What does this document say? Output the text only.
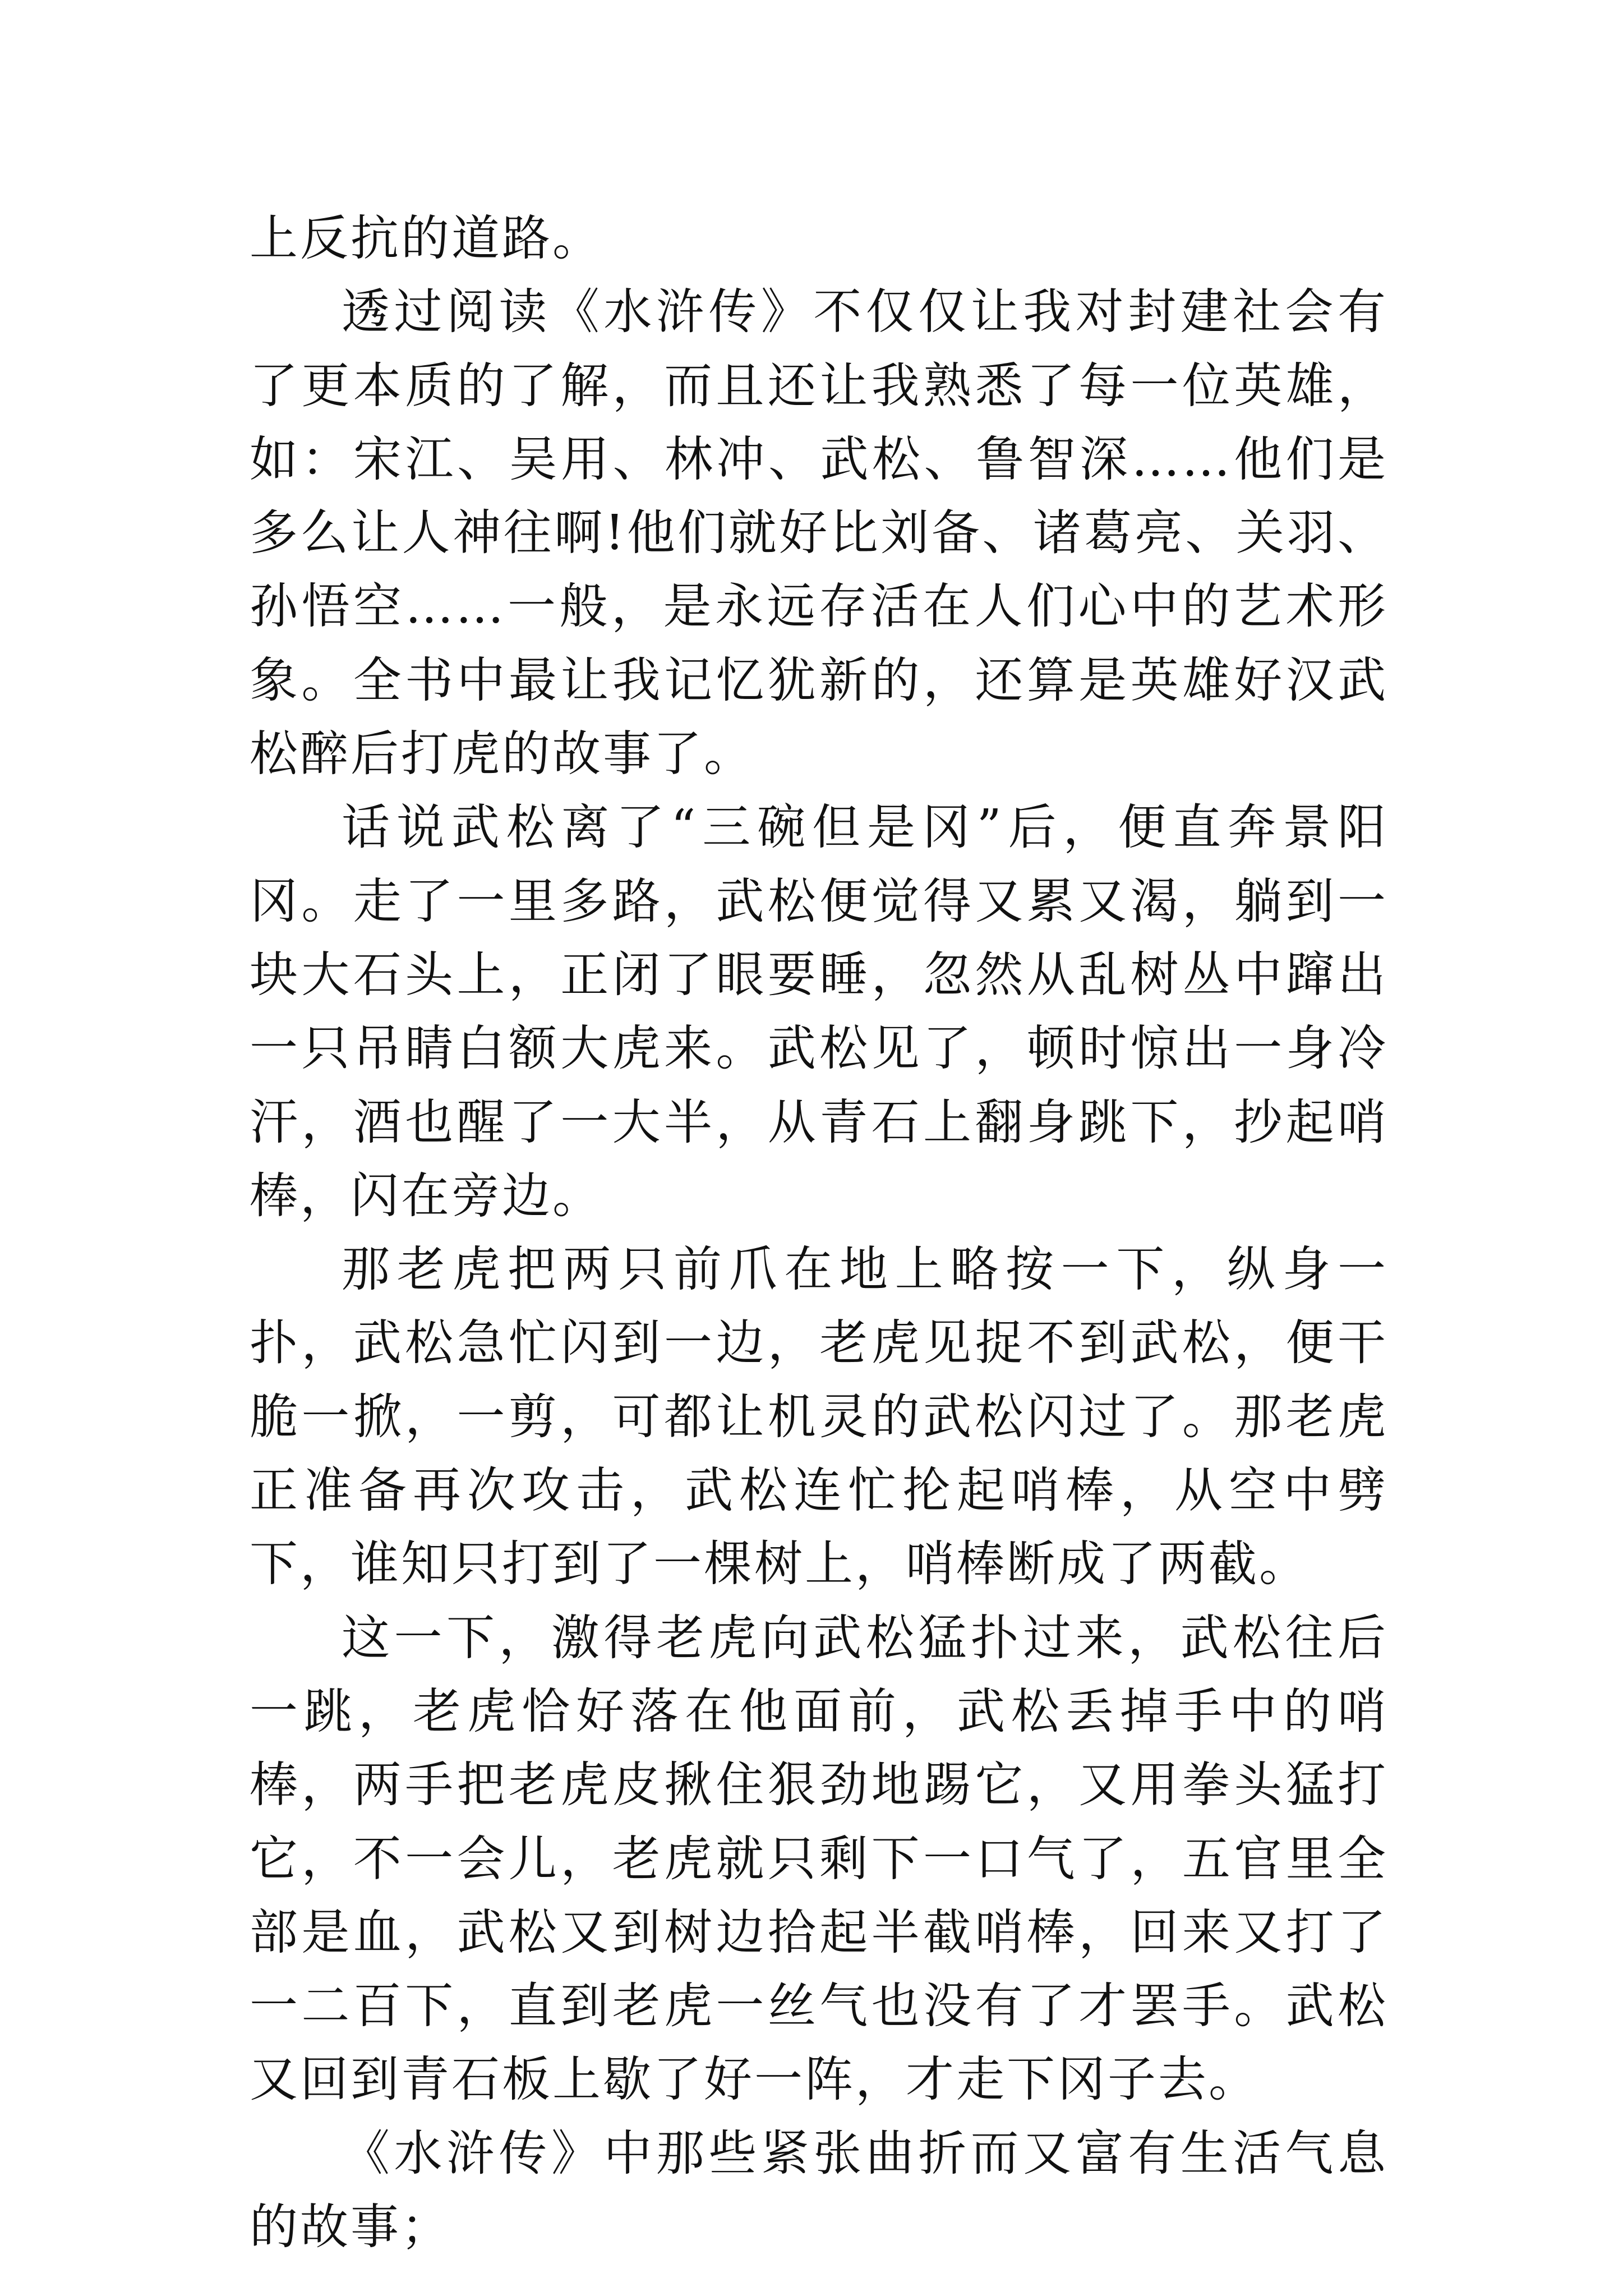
上反抗的道路。

透过阅读《水浒传》不仅仅让我对封建社会有了更本质的了解，而且还让我熟悉了每一位英雄，如：宋江、吴用、林冲、武松、鲁智深……他们是多么让人神往啊!他们就好比刘备、诸葛亮、关羽、孙悟空……一般，是永远存活在人们心中的艺术形象。全书中最让我记忆犹新的，还算是英雄好汉武松醉后打虎的故事了。

话说武松离了“三碗但是冈”后，便直奔景阳冈。走了一里多路，武松便觉得又累又渴，躺到一块大石头上，正闭了眼要睡，忽然从乱树丛中蹿出一只吊睛白额大虎来。武松见了，顿时惊出一身冷汗，酒也醒了一大半，从青石上翻身跳下，抄起哨棒，闪在旁边。

那老虎把两只前爪在地上略按一下，纵身一扑，武松急忙闪到一边，老虎见捉不到武松，便干脆一掀，一剪，可都让机灵的武松闪过了。那老虎正准备再次攻击，武松连忙抡起哨棒，从空中劈下，谁知只打到了一棵树上，哨棒断成了两截。

这一下，激得老虎向武松猛扑过来，武松往后一跳，老虎恰好落在他面前，武松丢掉手中的哨棒，两手把老虎皮揪住狠劲地踢它，又用拳头猛打它，不一会儿，老虎就只剩下一口气了，五官里全部是血，武松又到树边拾起半截哨棒，回来又打了一二百下，直到老虎一丝气也没有了才罢手。武松又回到青石板上歇了好一阵，才走下冈子去。

《水浒传》中那些紧张曲折而又富有生活气息的故事；
